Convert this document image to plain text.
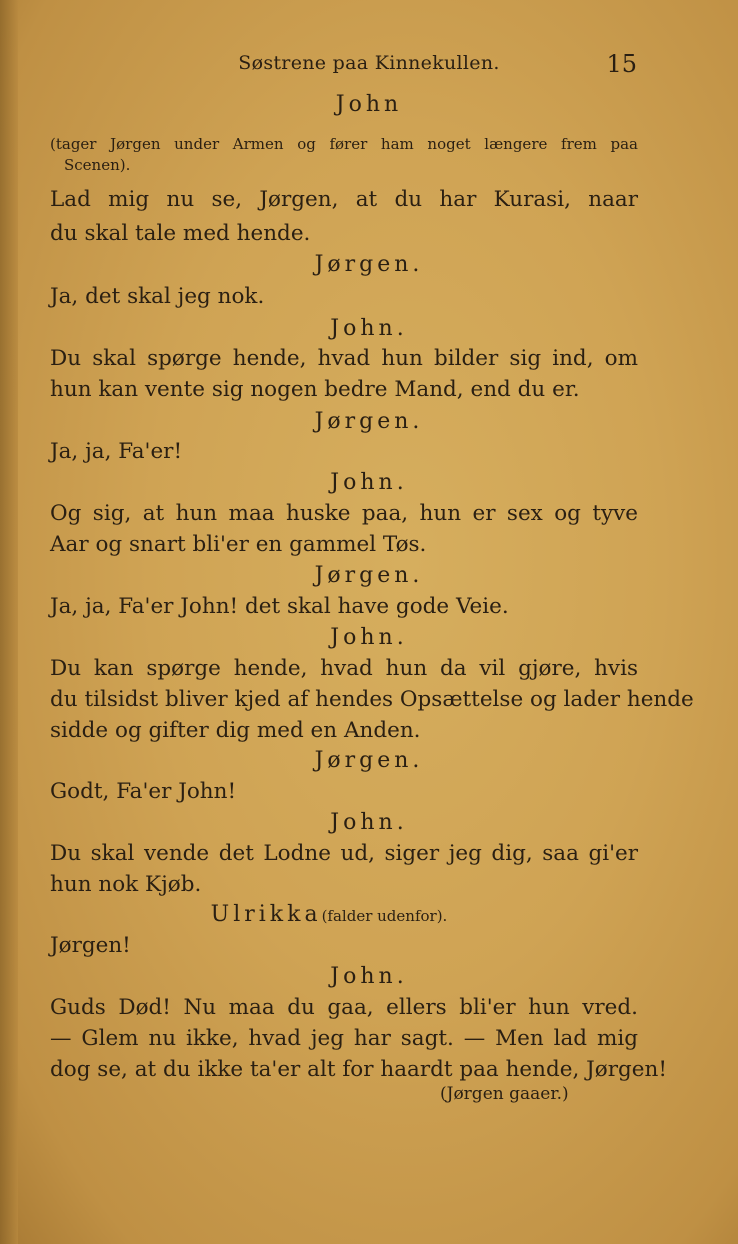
Søstrene paa Kinnekullen.	15
John
(tager Jørgen under Armen og fører ham noget længere frem paa
Scenen).
Lad mig nu se, Jørgen, at du har Kurasi, naar
du skal tale med hende.
Jørgen.
Ja, det skal jeg nok.
John.
Du skal spørge hende, hvad hun bilder sig ind, om
hun kan vente sig nogen bedre Mand, end du er.
Jørgen.
Ja, ja, Fa'er!
John.
Og sig, at hun maa huske paa, hun er sex og tyve
Aar og snart bli'er en gammel Tøs.
Jørgen.
Ja, ja, Fa'er John! det skal have gode Veie.
John.
Du kan spørge hende, hvad hun da vil gjøre, hvis
du tilsidst bliver kjed af hendes Opsættelse og lader hende
sidde og gifter dig med en Anden.
Jørgen.
Godt, Fa'er John!
John.
Du skal vende det Lodne ud, siger jeg dig, saa gi'er
hun nok Kjøb.
Ulrikka(falder udenfor).
Jørgen!
John.
Guds Død! Nu maa du gaa, ellers bli'er hun vred.
— Glem nu ikke, hvad jeg har sagt. — Men lad mig
dog se, at du ikke ta'er alt for haardt paa hende, Jørgen!
(Jørgen gaaer.)
